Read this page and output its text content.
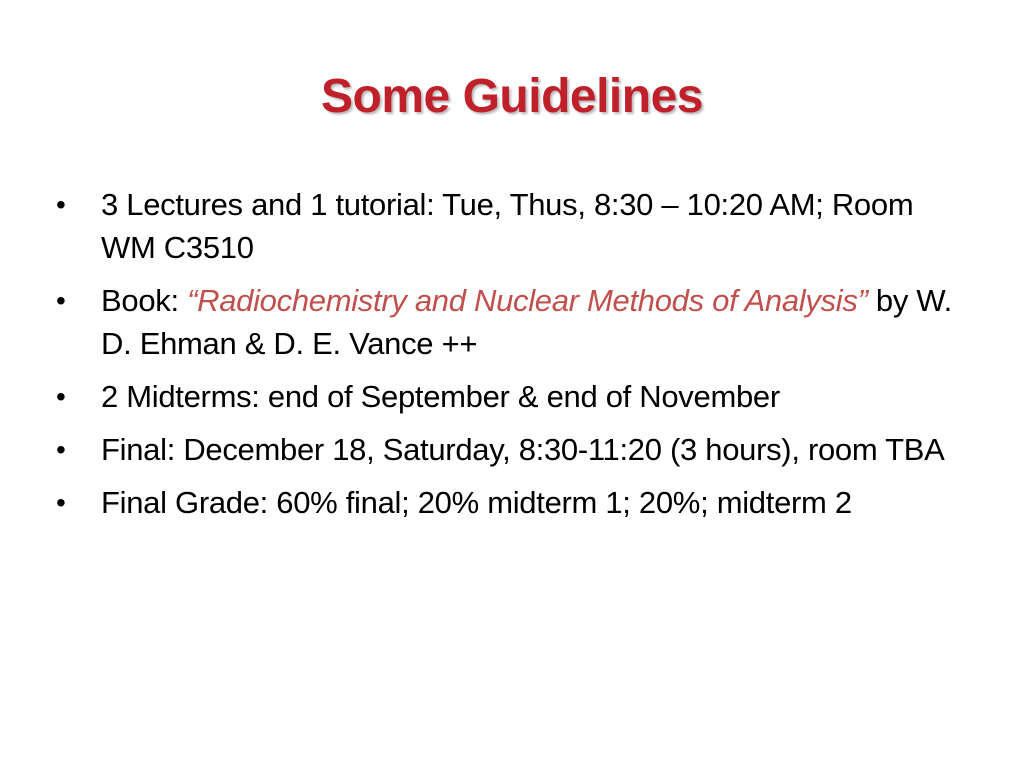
Some Guidelines
•	3 Lectures and 1 tutorial: Tue, Thus, 8:30 – 10:20 AM; Room WM C3510
•	Book: “Radiochemistry and Nuclear Methods of Analysis” by W. D. Ehman & D. E. Vance ++
•	2 Midterms: end of September & end of November
•	Final: December 18, Saturday, 8:30-11:20 (3 hours), room TBA
•	Final Grade: 60% final; 20% midterm 1; 20%; midterm 2
